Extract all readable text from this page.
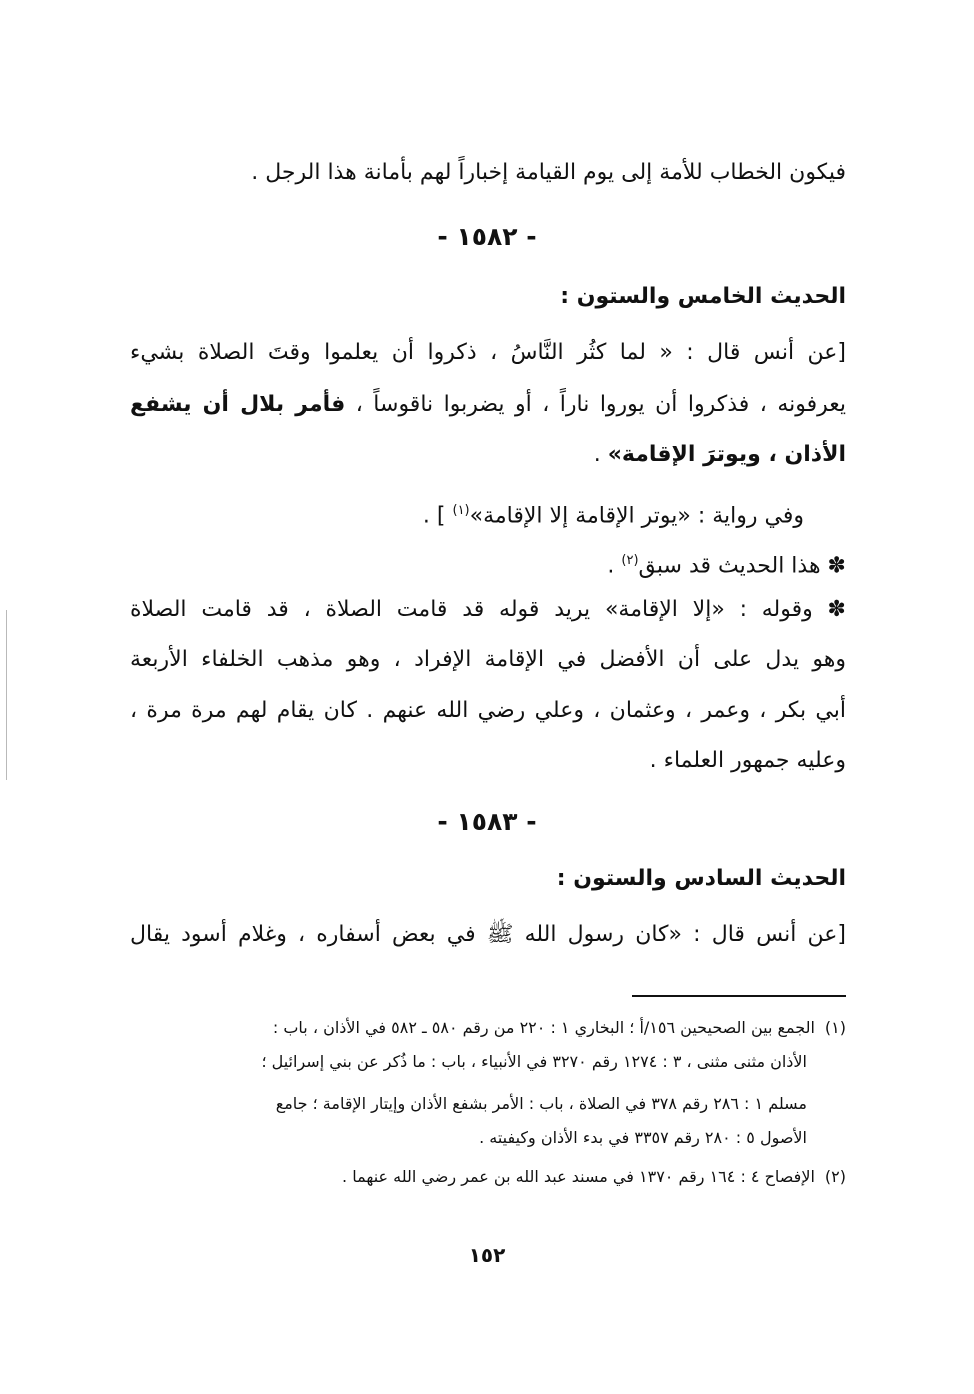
فيكون الخطاب للأمة إلى يوم القيامة إخباراً لهم بأمانة هذا الرجل .
- ١٥٨٢ -
الحديث الخامس والستون :
[عن أنس قال : « لما كثُر النَّاسُ ، ذكروا أن يعلموا وقتَ الصلاة بشيء
يعرفونه ، فذكروا أن يوروا ناراً ، أو يضربوا ناقوساً ، فأمر بلال أن يشفع
الأذان ، ويوترَ الإقامة» .
وفي رواية : «يوتر الإقامة إلا الإقامة»$^{(١)}$ ] .
✽ هذا الحديث قد سبق$^{(٢)}$ .
✽ وقوله : «إلا الإقامة» يريد قوله قد قامت الصلاة ، قد قامت الصلاة
وهو يدل على أن الأفضل في الإقامة الإفراد ، وهو مذهب الخلفاء الأربعة
أبي بكر ، وعمر ، وعثمان ، وعلي رضي الله عنهم . كان يقام لهم مرة مرة ،
وعليه جمهور العلماء .
- ١٥٨٣ -
الحديث السادس والستون :
[عن أنس قال : «كان رسول الله ﷺ في بعض أسفاره ، وغلام أسود يقال
(١)الجمع بين الصحيحين ١٥٦/أ ؛ البخاري ١ : ٢٢٠ من رقم ٥٨٠ ـ ٥٨٢ في الأذان ، باب :
الأذان مثنى مثنى ، ٣ : ١٢٧٤ رقم ٣٢٧٠ في الأنبياء ، باب : ما ذُكر عن بني إسرائيل ؛
مسلم ١ : ٢٨٦ رقم ٣٧٨ في الصلاة ، باب : الأمر بشفع الأذان وإيتار الإقامة ؛ جامع
الأصول ٥ : ٢٨٠ رقم ٣٣٥٧ في بدء الأذان وكيفيته .
(٢)الإفصاح ٤ : ١٦٤ رقم ١٣٧٠ في مسند عبد الله بن عمر رضي الله عنهما .
١٥٢
